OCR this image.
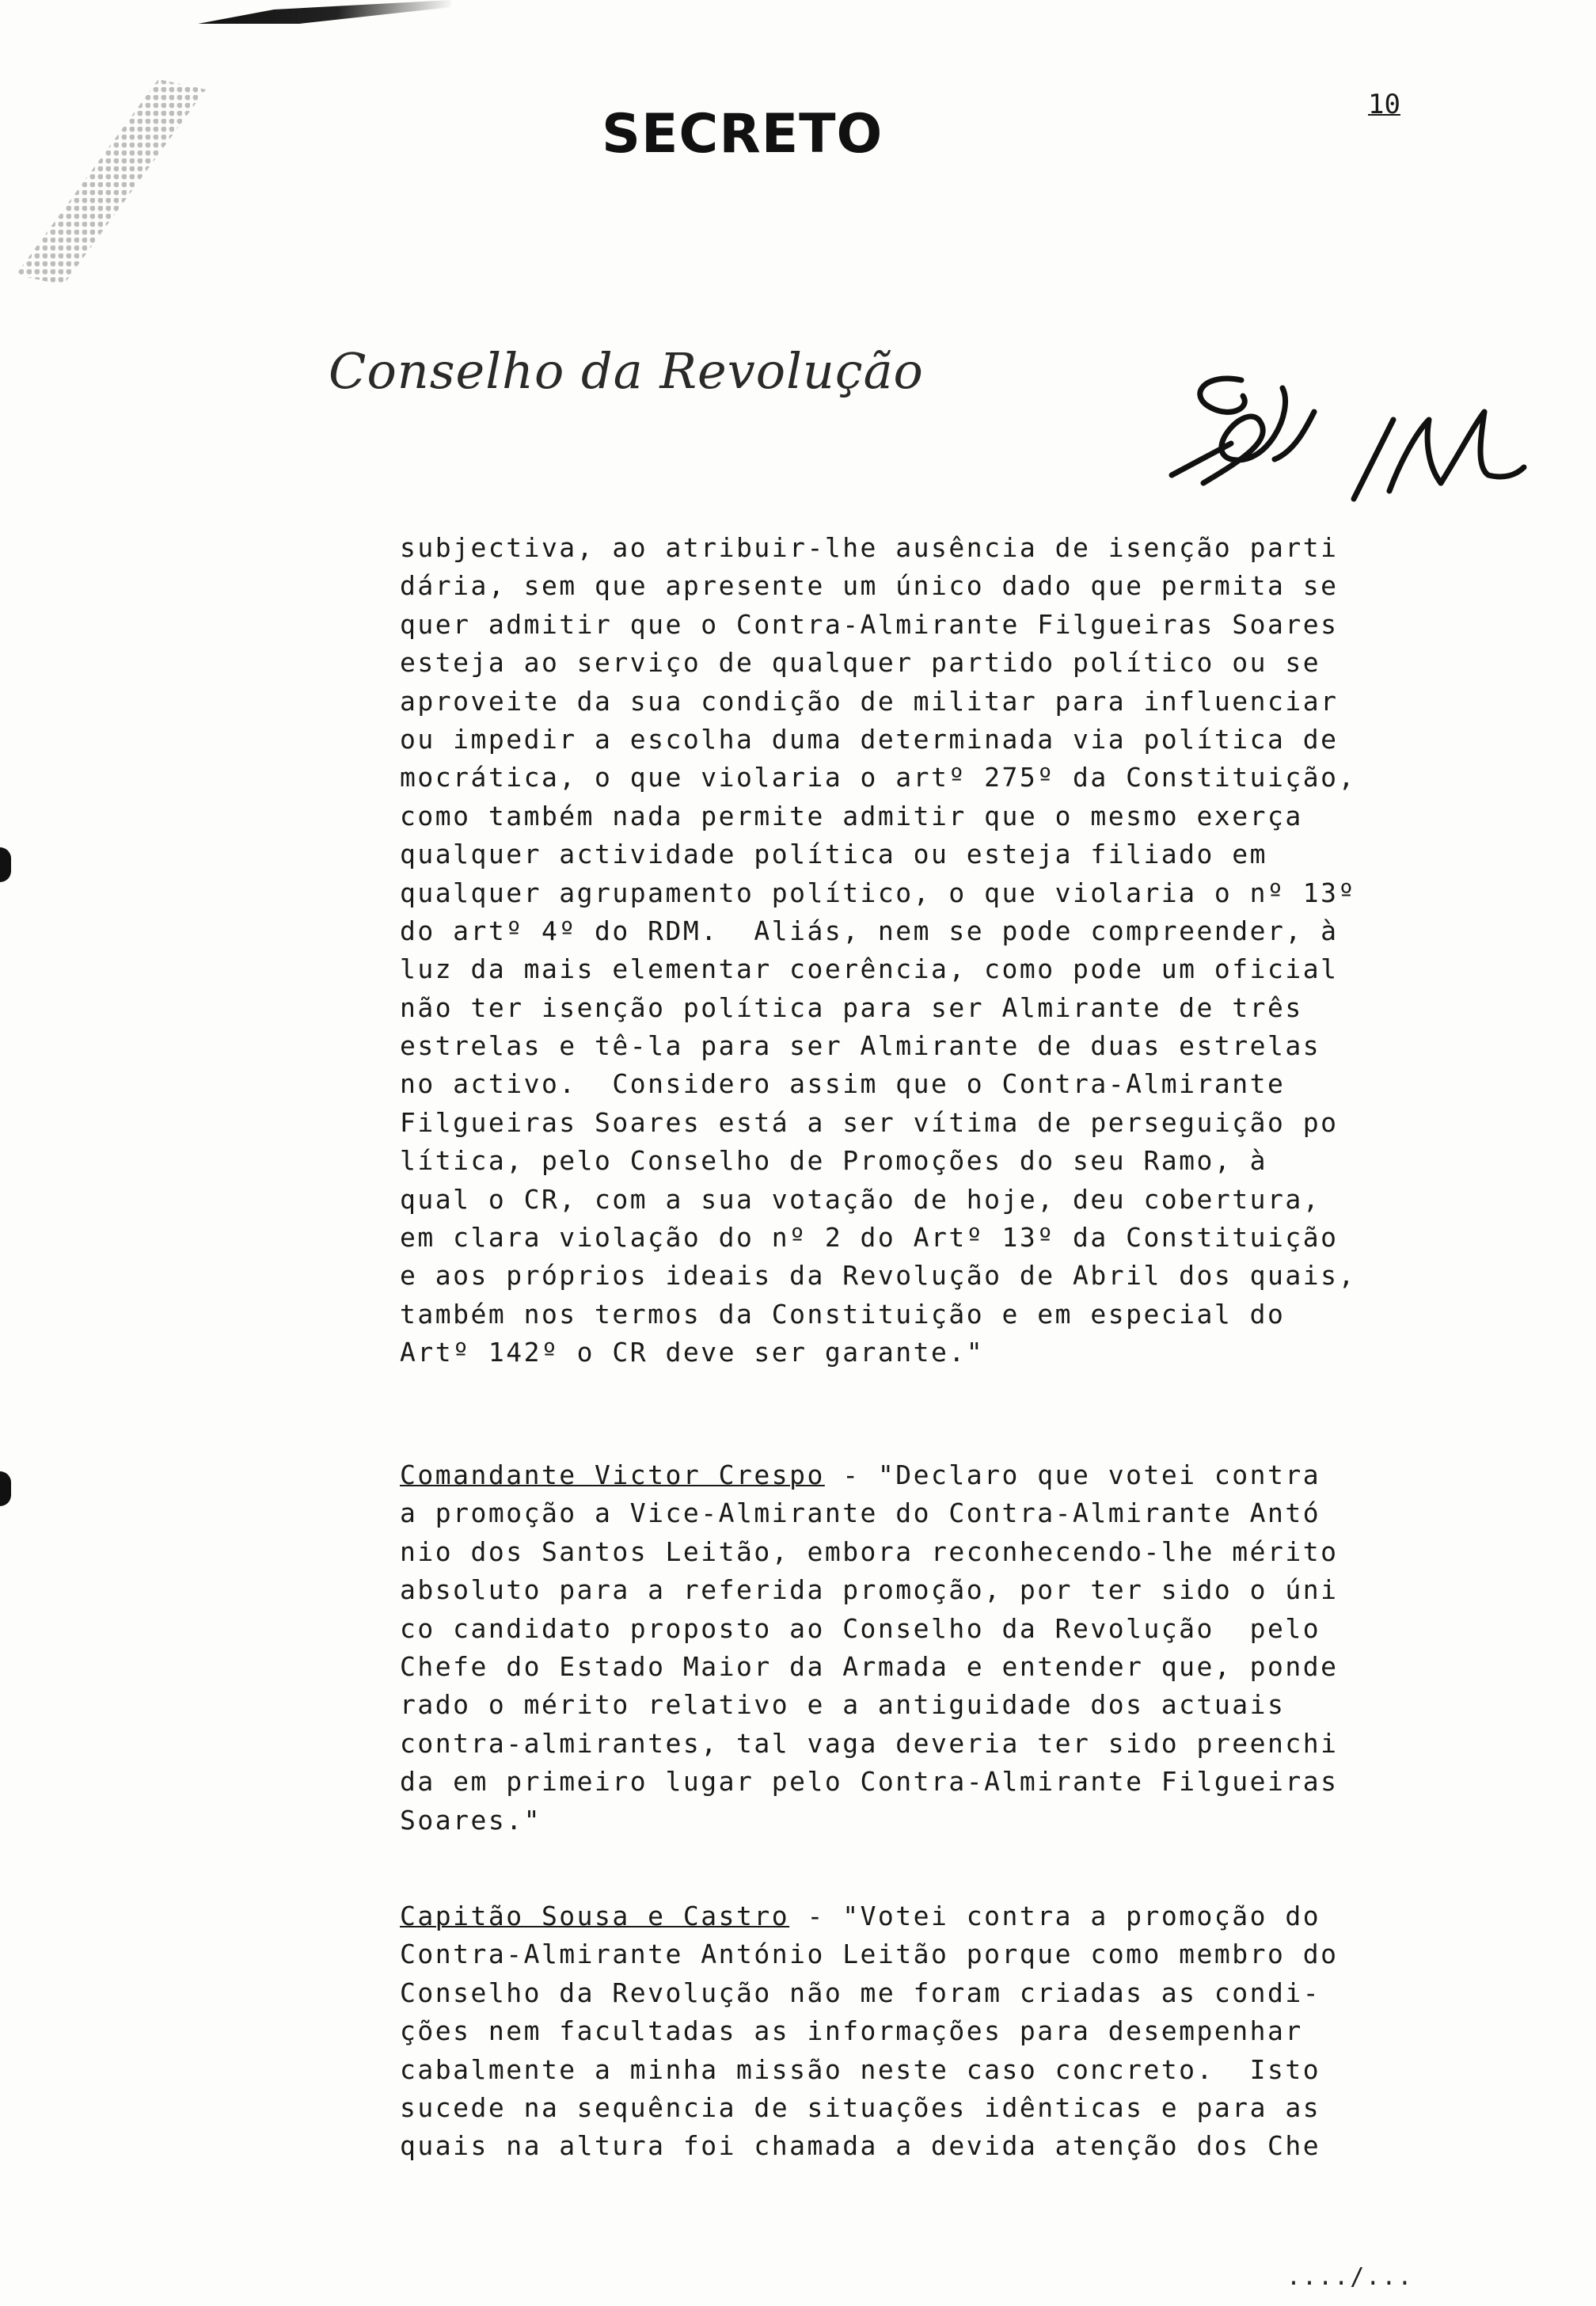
SECRETO	10
Conselho da Revolução
subjectiva, ao atribuir-lhe ausência de isenção parti
dária, sem que apresente um único dado que permita se
quer admitir que o Contra-Almirante Filgueiras Soares
esteja ao serviço de qualquer partido político ou se
aproveite da sua condição de militar para influenciar
ou impedir a escolha duma determinada via política de
mocrática, o que violaria o artº 275º da Constituição,
como também nada permite admitir que o mesmo exerça
qualquer actividade política ou esteja filiado em
qualquer agrupamento político, o que violaria o nº 13º
do artº 4º do RDM.  Aliás, nem se pode compreender, à
luz da mais elementar coerência, como pode um oficial
não ter isenção política para ser Almirante de três
estrelas e tê-la para ser Almirante de duas estrelas
no activo.  Considero assim que o Contra-Almirante
Filgueiras Soares está a ser vítima de perseguição po
lítica, pelo Conselho de Promoções do seu Ramo, à
qual o CR, com a sua votação de hoje, deu cobertura,
em clara violação do nº 2 do Artº 13º da Constituição
e aos próprios ideais da Revolução de Abril dos quais,
também nos termos da Constituição e em especial do
Artº 142º o CR deve ser garante."
Comandante Victor Crespo - "Declaro que votei contra
a promoção a Vice-Almirante do Contra-Almirante Antó
nio dos Santos Leitão, embora reconhecendo-lhe mérito
absoluto para a referida promoção, por ter sido o úni
co candidato proposto ao Conselho da Revolução  pelo
Chefe do Estado Maior da Armada e entender que, ponde
rado o mérito relativo e a antiguidade dos actuais
contra-almirantes, tal vaga deveria ter sido preenchi
da em primeiro lugar pelo Contra-Almirante Filgueiras
Soares."
Capitão Sousa e Castro - "Votei contra a promoção do
Contra-Almirante António Leitão porque como membro do
Conselho da Revolução não me foram criadas as condi-
ções nem facultadas as informações para desempenhar
cabalmente a minha missão neste caso concreto.  Isto
sucede na sequência de situações idênticas e para as
quais na altura foi chamada a devida atenção dos Che
..../...
